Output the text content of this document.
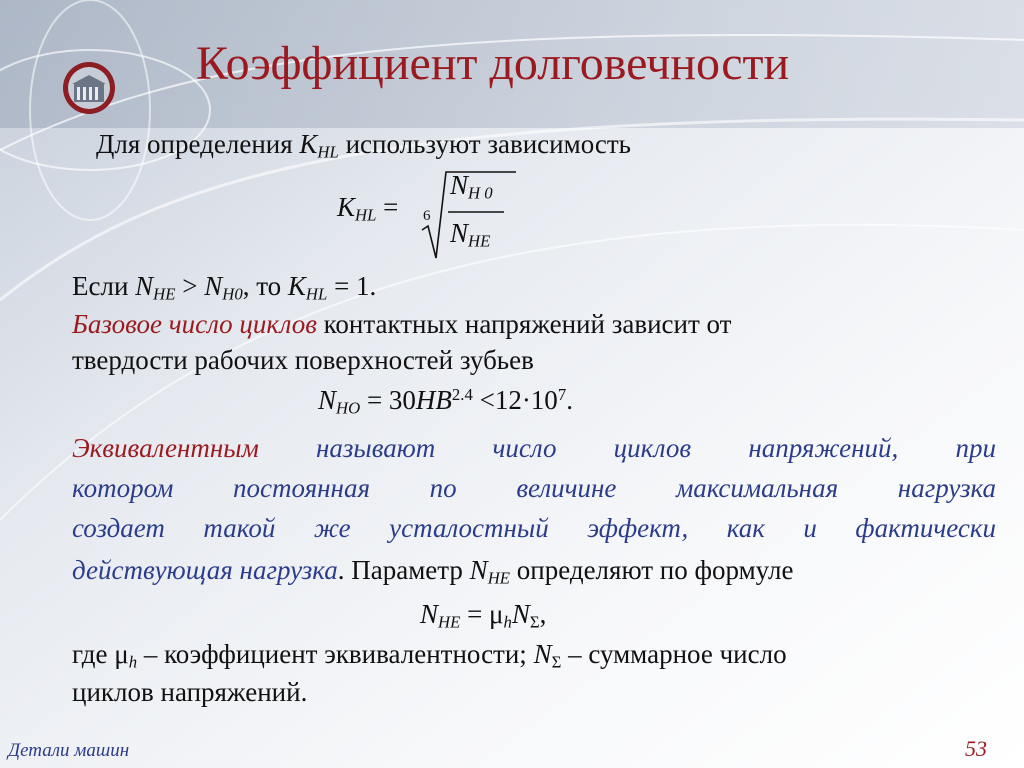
Коэффициент долговечности
Для определения $K_{HL}$ используют зависимость
$K_{HL} = 6$
$N_{H 0}$
$N_{HE}$
Если $N_{HE} > N_{H0}$, то $K_{HL} = 1$.
Базовое число циклов контактных напряжений зависит от
твердости рабочих поверхностей зубьев
$N_{HO} = 30HB^{2.4} <12\cdot 10^7$.
Эквивалентным называют число циклов напряжений, при
котором постоянная по величине максимальная нагрузка
создает такой же усталостный эффект, как и фактически
действующая нагрузка. Параметр $N_{HE}$ определяют по формуле
$N_{HE} = \mu_hN_\Sigma$,
где $\mu_h$ – коэффициент эквивалентности; $N_\Sigma$ – суммарное число
циклов напряжений.
Детали машин	53
